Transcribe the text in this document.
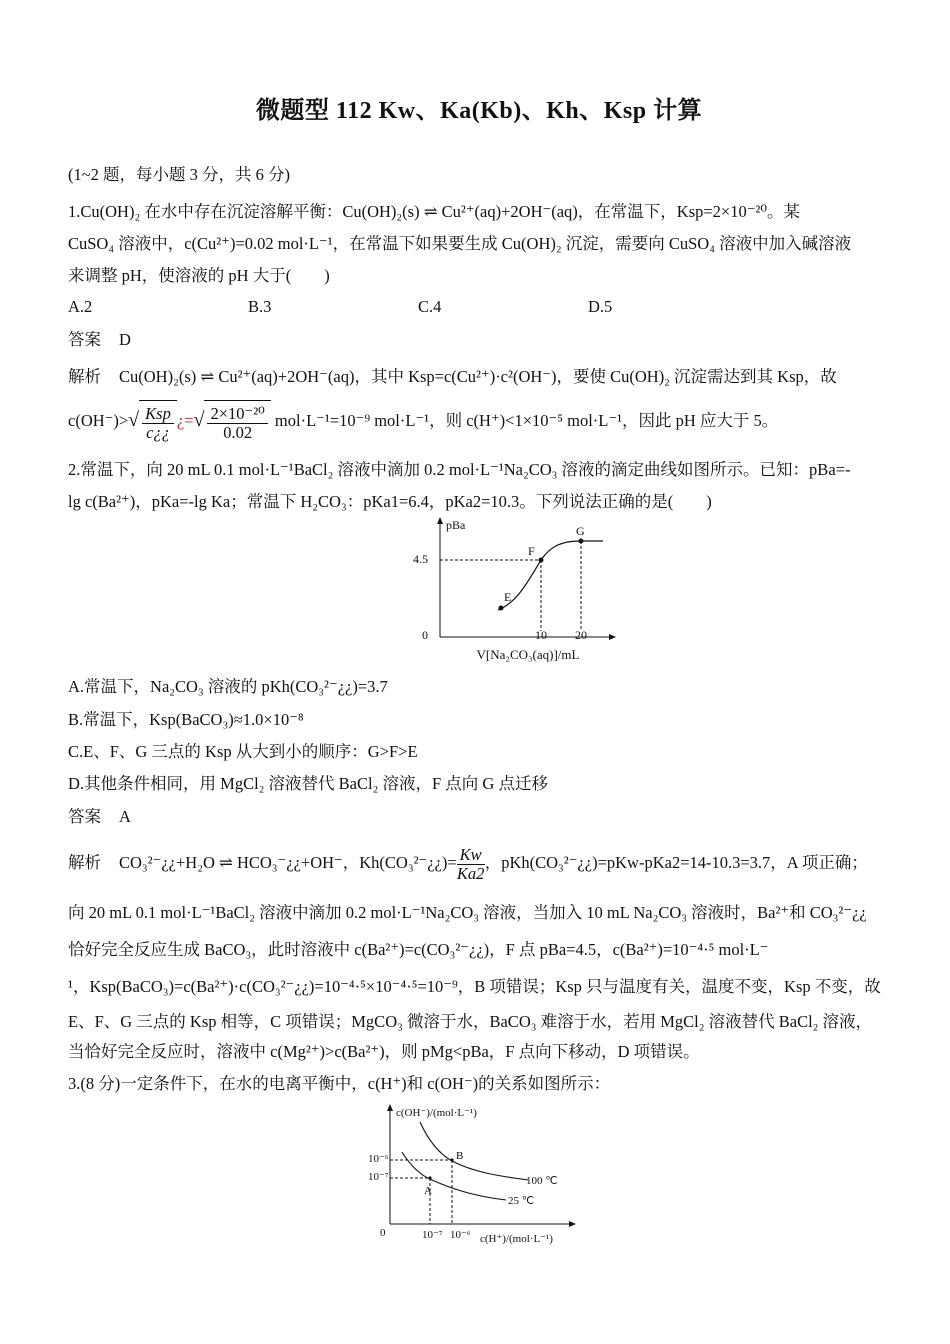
微题型 112 Kw、Ka(Kb)、Kh、Ksp 计算
(1~2 题，每小题 3 分，共 6 分)
1.Cu(OH)₂ 在水中存在沉淀溶解平衡：Cu(OH)₂(s) ⇌ Cu²⁺(aq)+2OH⁻(aq)，在常温下，Ksp=2×10⁻²⁰。某
CuSO₄ 溶液中，c(Cu²⁺)=0.02 mol·L⁻¹，在常温下如果要生成 Cu(OH)₂ 沉淀，需要向 CuSO₄ 溶液中加入碱溶液
来调整 pH，使溶液的 pH 大于(　　)
A.2	B.3	C.4	D.5
答案 D
解析 Cu(OH)₂(s) ⇌ Cu²⁺(aq)+2OH⁻(aq)，其中 Ksp=c(Cu²⁺)·c²(OH⁻)，要使 Cu(OH)₂ 沉淀需达到其 Ksp，故
$c(OH^-)>√ \frac{\text{Ksp}}{c¿¿}$ ¿=√ $\frac{\text{2×10⁻²⁰}}{0.02} mol\cdot L^{-1}=10^{-9}$ mol·L⁻¹，则 c(H⁺)<1×10⁻⁵ mol·L⁻¹，因此 pH 应大于 5。
2.常温下，向 20 mL 0.1 mol·L⁻¹BaCl₂ 溶液中滴加 0.2 mol·L⁻¹Na₂CO₃ 溶液的滴定曲线如图所示。已知：pBa=-
lg c(Ba²⁺)，pKa=-lg Ka；常温下 H₂CO₃：pKa1=6.4，pKa2=10.3。下列说法正确的是(　　)
pBa
4.5
0	10 20
V[Na₂CO₃(aq)]/mL
F
G
E
A.常温下，Na₂CO₃ 溶液的 pKh(CO₃²⁻¿¿)=3.7
B.常温下，Ksp(BaCO₃)≈1.0×10⁻⁸
C.E、F、G 三点的 Ksp 从大到小的顺序：G>F>E
D.其他条件相同，用 MgCl₂ 溶液替代 BaCl₂ 溶液，F 点向 G 点迁移
答案 A
解析 CO₃²⁻¿¿+H₂O ⇌ HCO₃⁻¿¿+OH⁻，Kh(CO₃²⁻¿¿)= $\frac{Kw}{Ka2}$ ，pKh(CO₃²⁻¿¿)=pKw-pKa2=14-10.3=3.7，A 项正确；
向 20 mL 0.1 mol·L⁻¹BaCl₂ 溶液中滴加 0.2 mol·L⁻¹Na₂CO₃ 溶液，当加入 10 mL Na₂CO₃ 溶液时，Ba²⁺和 CO₃²⁻¿¿
恰好完全反应生成 BaCO₃，此时溶液中 c(Ba²⁺)=c(CO₃²⁻¿¿)，F 点 pBa=4.5，c(Ba²⁺)=10⁻⁴·⁵ mol·L⁻
¹，Ksp(BaCO₃)=c(Ba²⁺)·c(CO₃²⁻¿¿)=10⁻⁴·⁵×10⁻⁴·⁵=10⁻⁹，B 项错误；Ksp 只与温度有关，温度不变，Ksp 不变，故
E、F、G 三点的 Ksp 相等，C 项错误；MgCO₃ 微溶于水，BaCO₃ 难溶于水，若用 MgCl₂ 溶液替代 BaCl₂ 溶液，
当恰好完全反应时，溶液中 c(Mg²⁺)>c(Ba²⁺)，则 pMg<pBa，F 点向下移动，D 项错误。
3.(8 分)一定条件下，在水的电离平衡中，c(H⁺)和 c(OH⁻)的关系如图所示：
c(OH⁻)/(mol·L⁻¹)
10⁻⁶
10⁻⁷
0	10⁻⁷ 10⁻⁶ c(H⁺)/(mol·L⁻¹)
100 ℃
25 ℃
B
A
